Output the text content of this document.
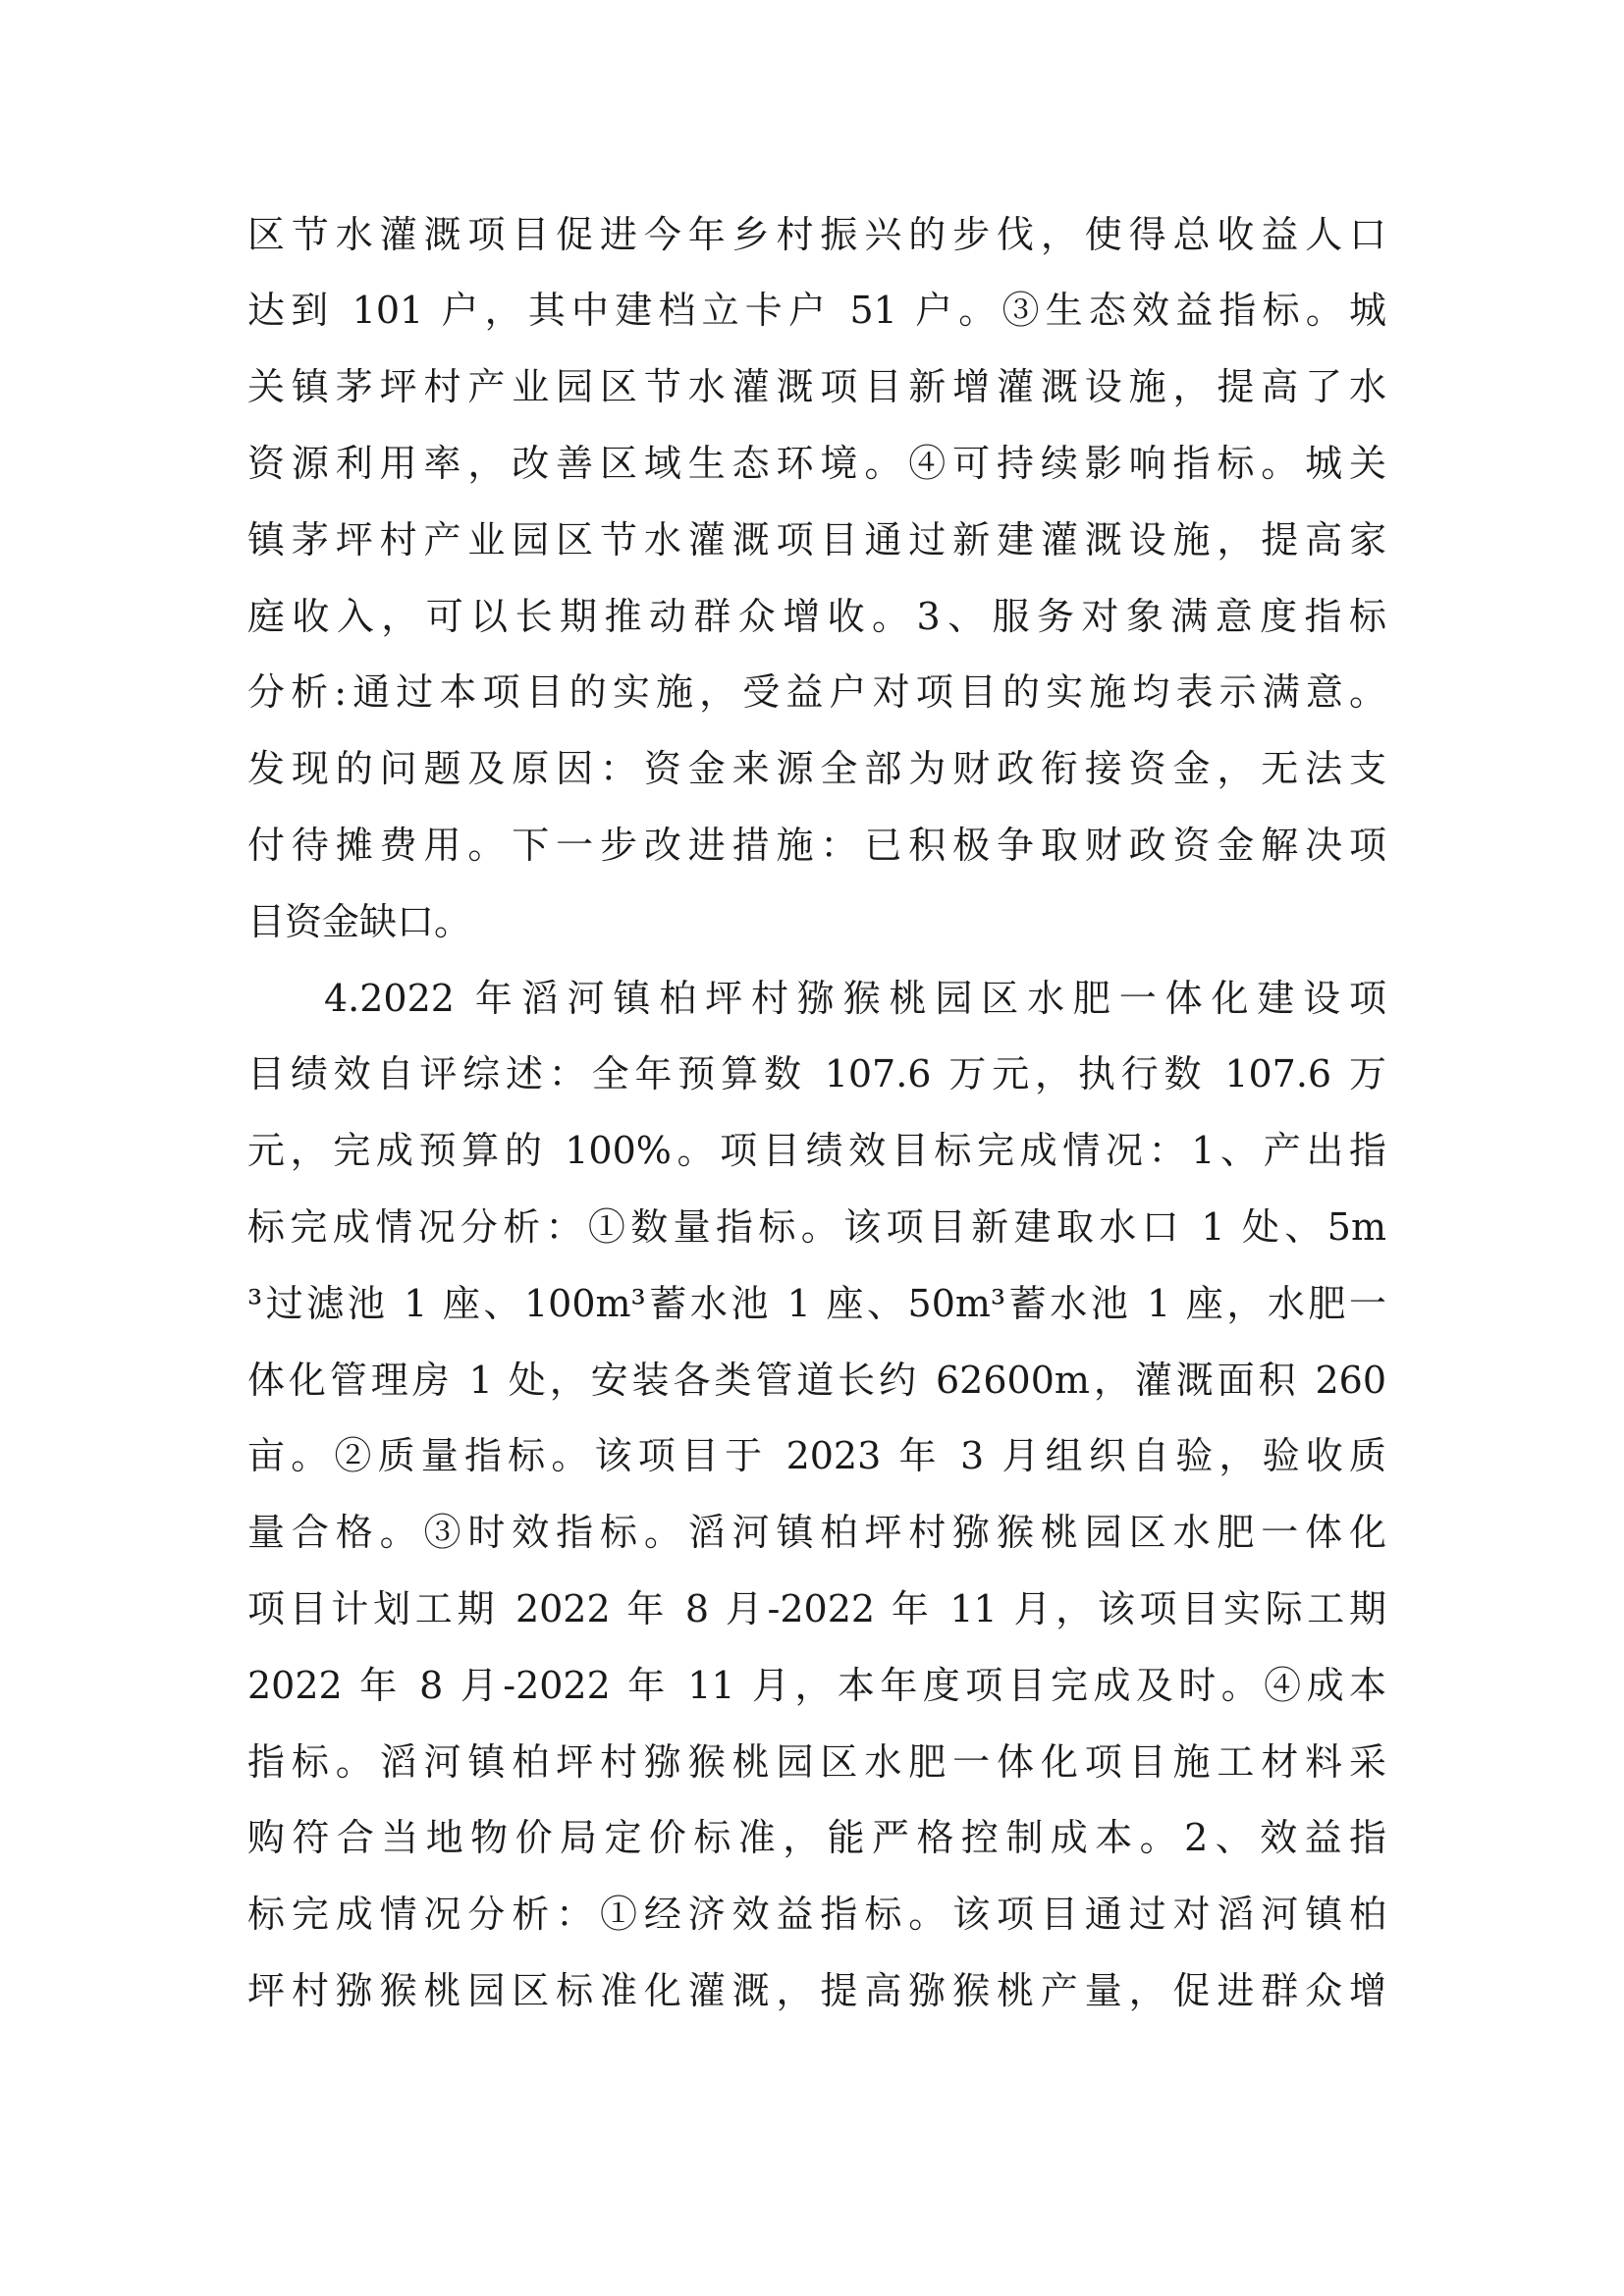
区节水灌溉项目促进今年乡村振兴的步伐，使得总收益人口
达到 101 户，其中建档立卡户 51 户。③生态效益指标。城
关镇茅坪村产业园区节水灌溉项目新增灌溉设施，提高了水
资源利用率，改善区域生态环境。④可持续影响指标。城关
镇茅坪村产业园区节水灌溉项目通过新建灌溉设施，提高家
庭收入，可以长期推动群众增收。3、服务对象满意度指标
分析:通过本项目的实施，受益户对项目的实施均表示满意。
发现的问题及原因：资金来源全部为财政衔接资金，无法支
付待摊费用。下一步改进措施：已积极争取财政资金解决项
目资金缺口。
4.2022 年滔河镇柏坪村猕猴桃园区水肥一体化建设项
目绩效自评综述：全年预算数 107.6 万元，执行数 107.6 万
元，完成预算的 100%。项目绩效目标完成情况：1、产出指
标完成情况分析：①数量指标。该项目新建取水口 1 处、5m
³过滤池 1 座、100m³蓄水池 1 座、50m³蓄水池 1 座，水肥一
体化管理房 1 处，安装各类管道长约 62600m，灌溉面积 260
亩。②质量指标。该项目于 2023 年 3 月组织自验，验收质
量合格。③时效指标。滔河镇柏坪村猕猴桃园区水肥一体化
项目计划工期 2022 年 8 月-2022 年 11 月，该项目实际工期
2022 年 8 月-2022 年 11 月，本年度项目完成及时。④成本
指标。滔河镇柏坪村猕猴桃园区水肥一体化项目施工材料采
购符合当地物价局定价标准，能严格控制成本。2、效益指
标完成情况分析：①经济效益指标。该项目通过对滔河镇柏
坪村猕猴桃园区标准化灌溉，提高猕猴桃产量，促进群众增
